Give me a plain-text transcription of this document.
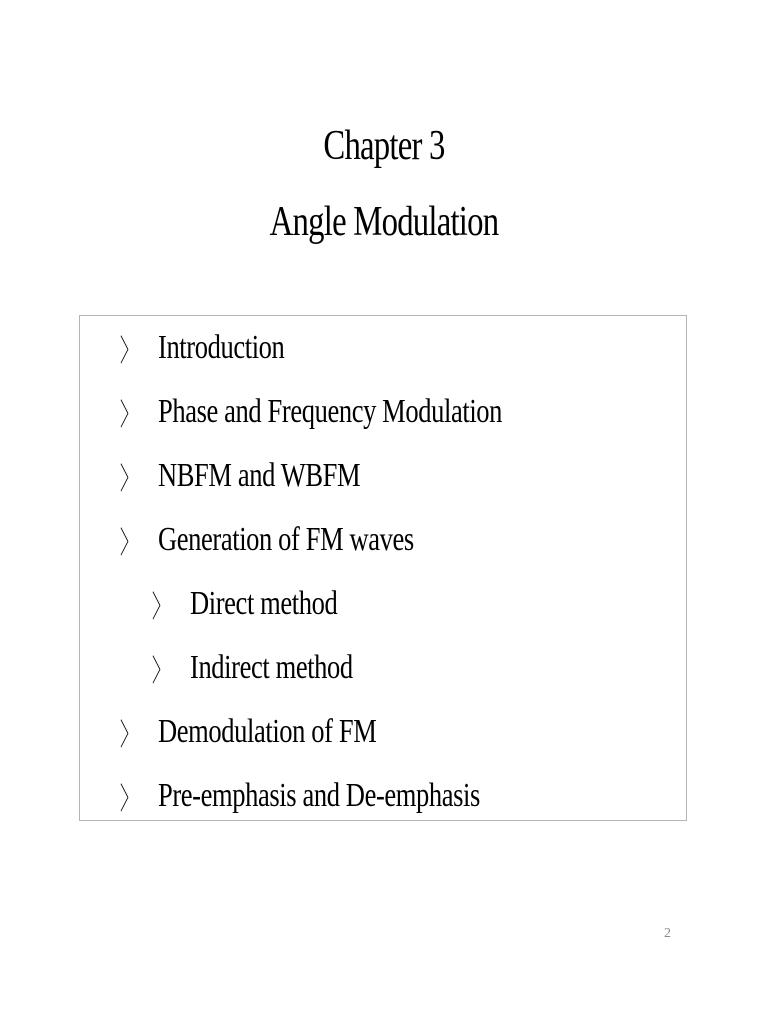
Chapter 3
Angle Modulation
〉 Introduction
〉 Phase and Frequency Modulation
〉 NBFM and WBFM
〉 Generation of FM waves
〉 Direct method
〉 Indirect method
〉 Demodulation of FM
〉 Pre-emphasis and De-emphasis
2
